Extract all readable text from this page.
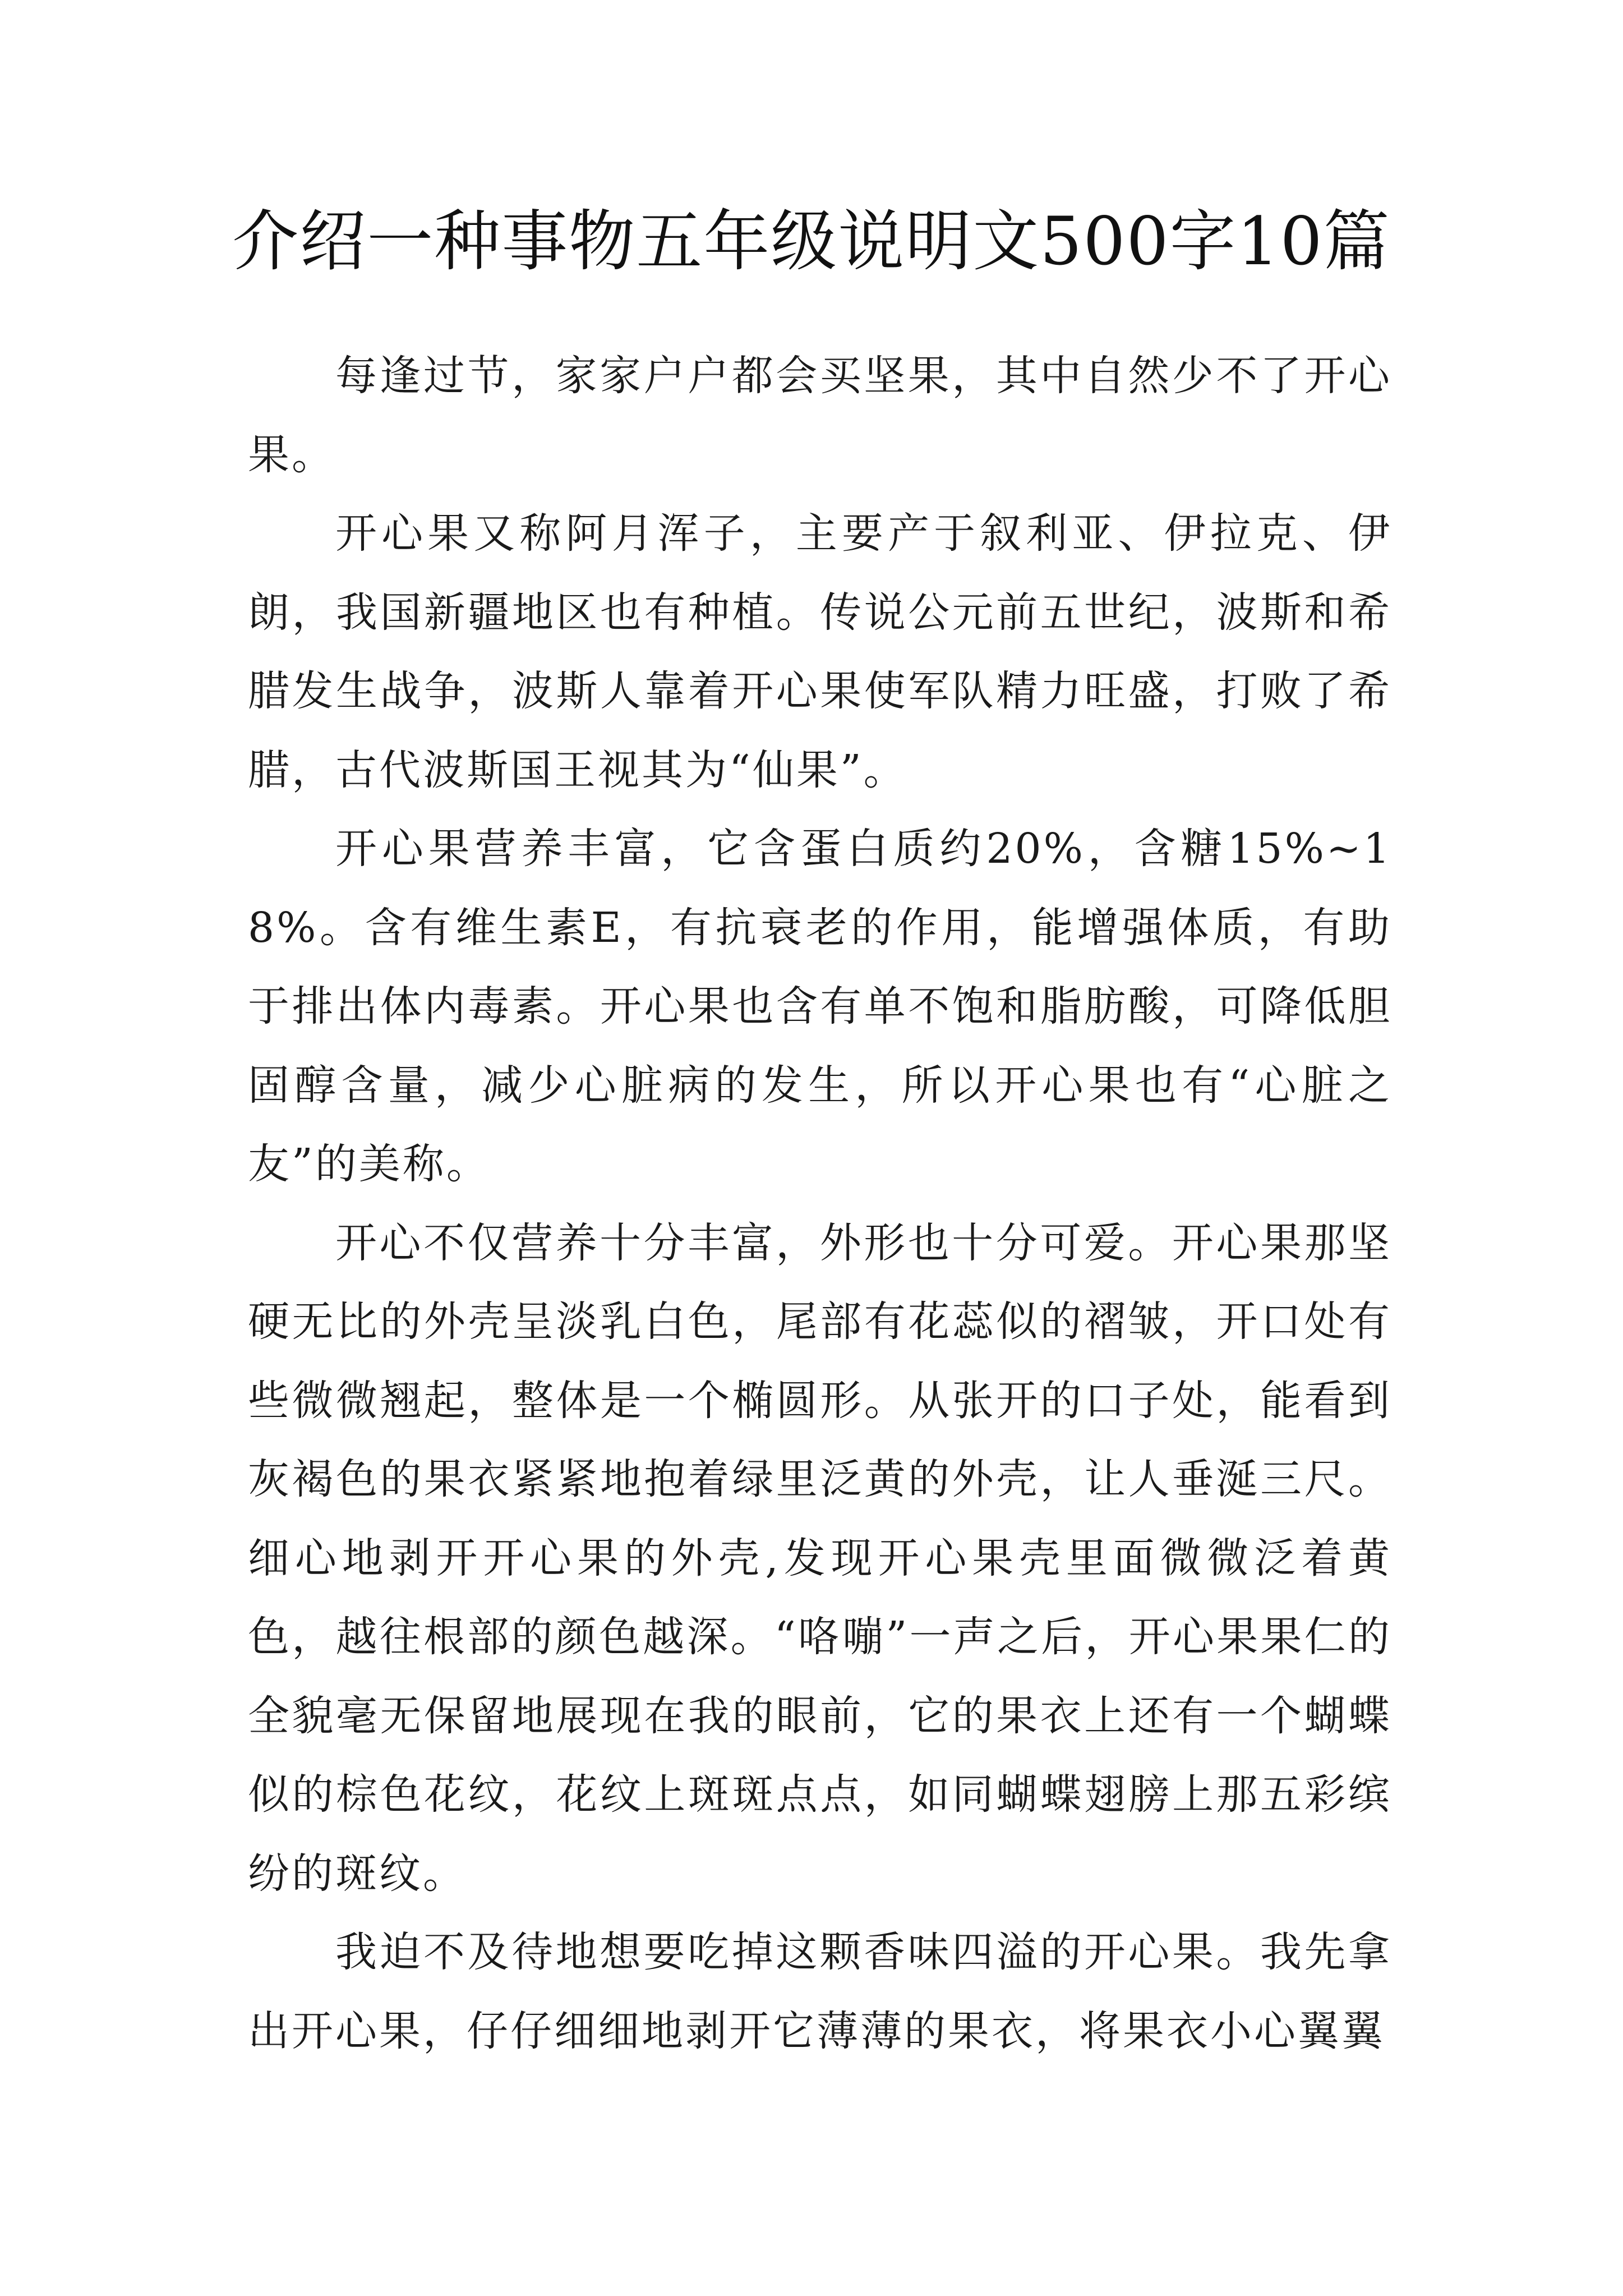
介绍一种事物五年级说明文500字10篇

每逢过节，家家户户都会买坚果，其中自然少不了开心果。

开心果又称阿月浑子，主要产于叙利亚、伊拉克、伊朗，我国新疆地区也有种植。传说公元前五世纪，波斯和希腊发生战争，波斯人靠着开心果使军队精力旺盛，打败了希腊，古代波斯国王视其为“仙果”。

开心果营养丰富，它含蛋白质约20%，含糖15%~18%。含有维生素E，有抗衰老的作用，能增强体质，有助于排出体内毒素。开心果也含有单不饱和脂肪酸，可降低胆固醇含量，减少心脏病的发生，所以开心果也有“心脏之友”的美称。

开心不仅营养十分丰富，外形也十分可爱。开心果那坚硬无比的外壳呈淡乳白色，尾部有花蕊似的褶皱，开口处有些微微翘起，整体是一个椭圆形。从张开的口子处，能看到灰褐色的果衣紧紧地抱着绿里泛黄的外壳，让人垂涎三尺。细心地剥开开心果的外壳,发现开心果壳里面微微泛着黄色，越往根部的颜色越深。“咯嘣”一声之后，开心果果仁的全貌毫无保留地展现在我的眼前，它的果衣上还有一个蝴蝶似的棕色花纹，花纹上斑斑点点，如同蝴蝶翅膀上那五彩缤纷的斑纹。

我迫不及待地想要吃掉这颗香味四溢的开心果。我先拿出开心果，仔仔细细地剥开它薄薄的果衣，将果衣小心翼翼
